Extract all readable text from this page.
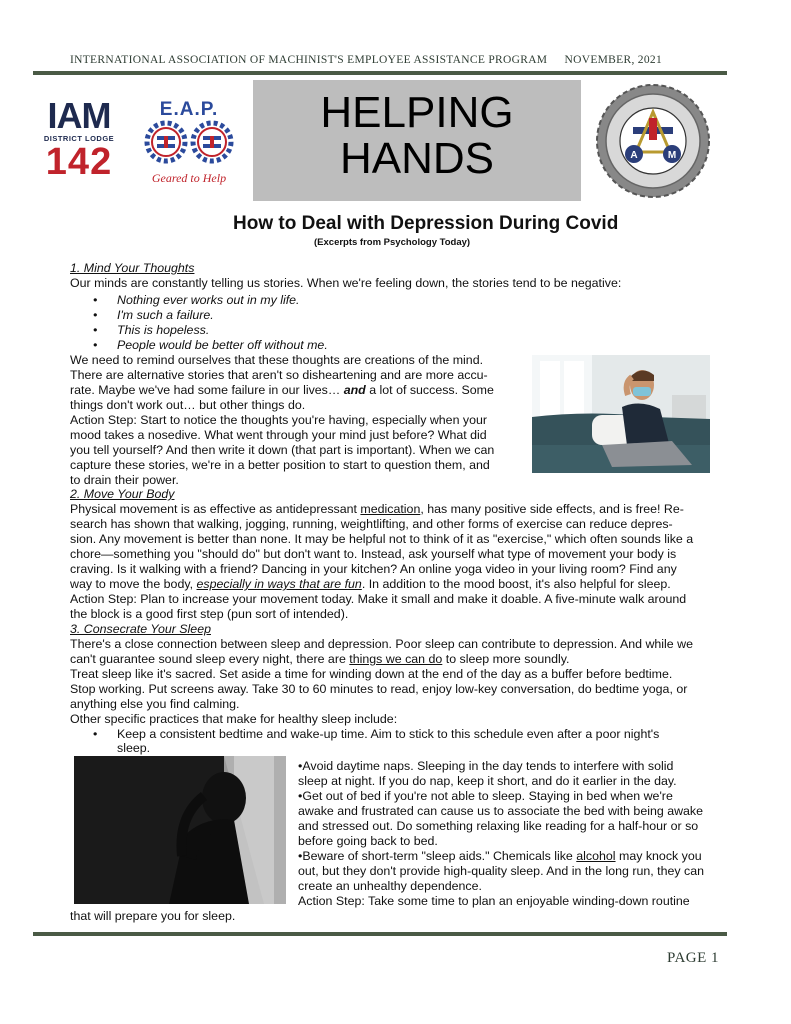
INTERNATIONAL ASSOCIATION OF MACHINIST'S EMPLOYEE ASSISTANCE PROGRAM NOVEMBER, 2021
IAM
DISTRICT LODGE
142
E.A.P.
Geared to Help
HELPING
HANDS	A	M
How to Deal with Depression During Covid
(Excerpts from Psychology Today)
1. Mind Your Thoughts
Our minds are constantly telling us stories. When we're feeling down, the stories tend to be negative:
• Nothing ever works out in my life.
• I'm such a failure.
• This is hopeless.
• People would be better off without me.
We need to remind ourselves that these thoughts are creations of the mind.
There are alternative stories that aren't so disheartening and are more accu-
rate. Maybe we've had some failure in our lives… and a lot of success. Some
things don't work out… but other things do.
Action Step: Start to notice the thoughts you're having, especially when your
mood takes a nosedive. What went through your mind just before? What did
you tell yourself? And then write it down (that part is important). When we can
capture these stories, we're in a better position to start to question them, and
to drain their power.
2. Move Your Body
Physical movement is as effective as antidepressant medication, has many positive side effects, and is free! Re-
search has shown that walking, jogging, running, weightlifting, and other forms of exercise can reduce depres-
sion. Any movement is better than none. It may be helpful not to think of it as "exercise," which often sounds like a
chore—something you "should do" but don't want to. Instead, ask yourself what type of movement your body is
craving. Is it walking with a friend? Dancing in your kitchen? An online yoga video in your living room? Find any
way to move the body, especially in ways that are fun. In addition to the mood boost, it's also helpful for sleep.
Action Step: Plan to increase your movement today. Make it small and make it doable. A five-minute walk around
the block is a good first step (pun sort of intended).
3. Consecrate Your Sleep
There's a close connection between sleep and depression. Poor sleep can contribute to depression. And while we
can't guarantee sound sleep every night, there are things we can do to sleep more soundly.
Treat sleep like it's sacred. Set aside a time for winding down at the end of the day as a buffer before bedtime.
Stop working. Put screens away. Take 30 to 60 minutes to read, enjoy low-key conversation, do bedtime yoga, or
anything else you find calming.
Other specific practices that make for healthy sleep include:
• Keep a consistent bedtime and wake-up time. Aim to stick to this schedule even after a poor night's
sleep.
•Avoid daytime naps. Sleeping in the day tends to interfere with solid
sleep at night. If you do nap, keep it short, and do it earlier in the day.
•Get out of bed if you're not able to sleep. Staying in bed when we're
awake and frustrated can cause us to associate the bed with being awake
and stressed out. Do something relaxing like reading for a half-hour or so
before going back to bed.
•Beware of short-term "sleep aids." Chemicals like alcohol may knock you
out, but they don't provide high-quality sleep. And in the long run, they can
create an unhealthy dependence.
Action Step: Take some time to plan an enjoyable winding-down routine
that will prepare you for sleep.
PAGE 1
